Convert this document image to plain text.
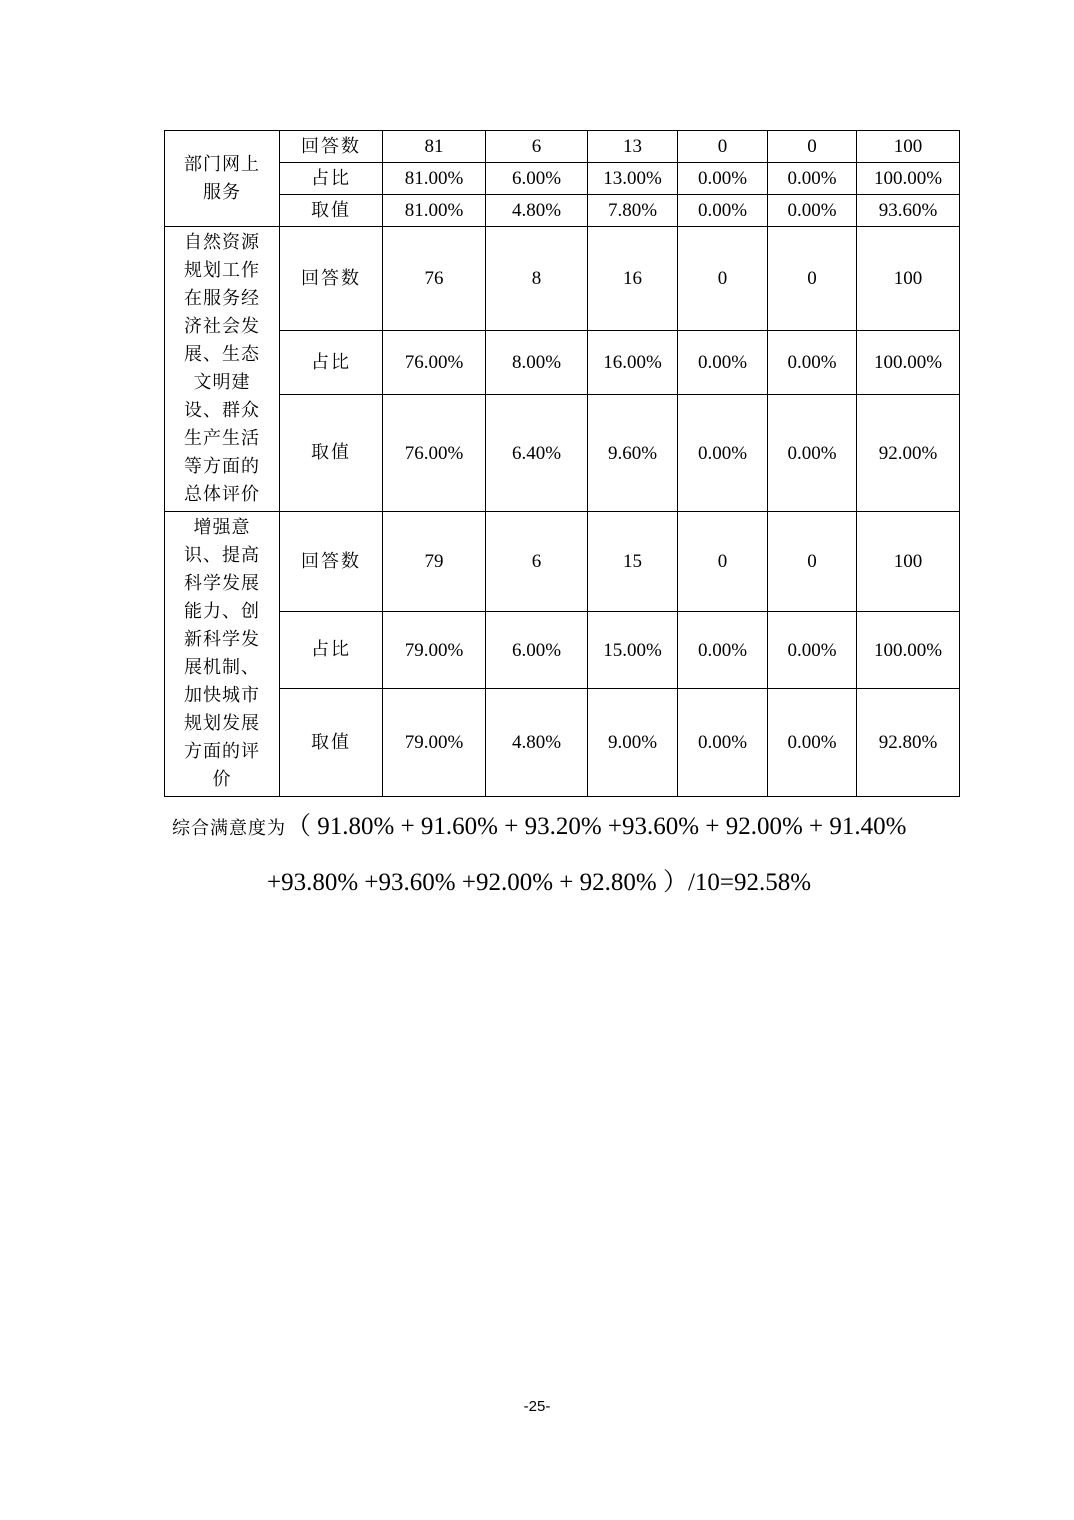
部门网上服务	回答数	81	6	13	0	0	100
	占比	81.00%	6.00%	13.00%	0.00%	0.00%	100.00%
	取值	81.00%	4.80%	7.80%	0.00%	0.00%	93.60%
自然资源规划工作在服务经济社会发展、生态文明建设、群众生产生活等方面的总体评价	回答数	76	8	16	0	0	100
	占比	76.00%	8.00%	16.00%	0.00%	0.00%	100.00%
	取值	76.00%	6.40%	9.60%	0.00%	0.00%	92.00%
增强意识、提高科学发展能力、创新科学发展机制、加快城市规划发展方面的评价	回答数	79	6	15	0	0	100
	占比	79.00%	6.00%	15.00%	0.00%	0.00%	100.00%
	取值	79.00%	4.80%	9.00%	0.00%	0.00%	92.80%
综合满意度为（ 91.80% + 91.60% + 93.20% +93.60% + 92.00% + 91.40%
+93.80% +93.60% +92.00% + 92.80% ）/10=92.58%
-25-
